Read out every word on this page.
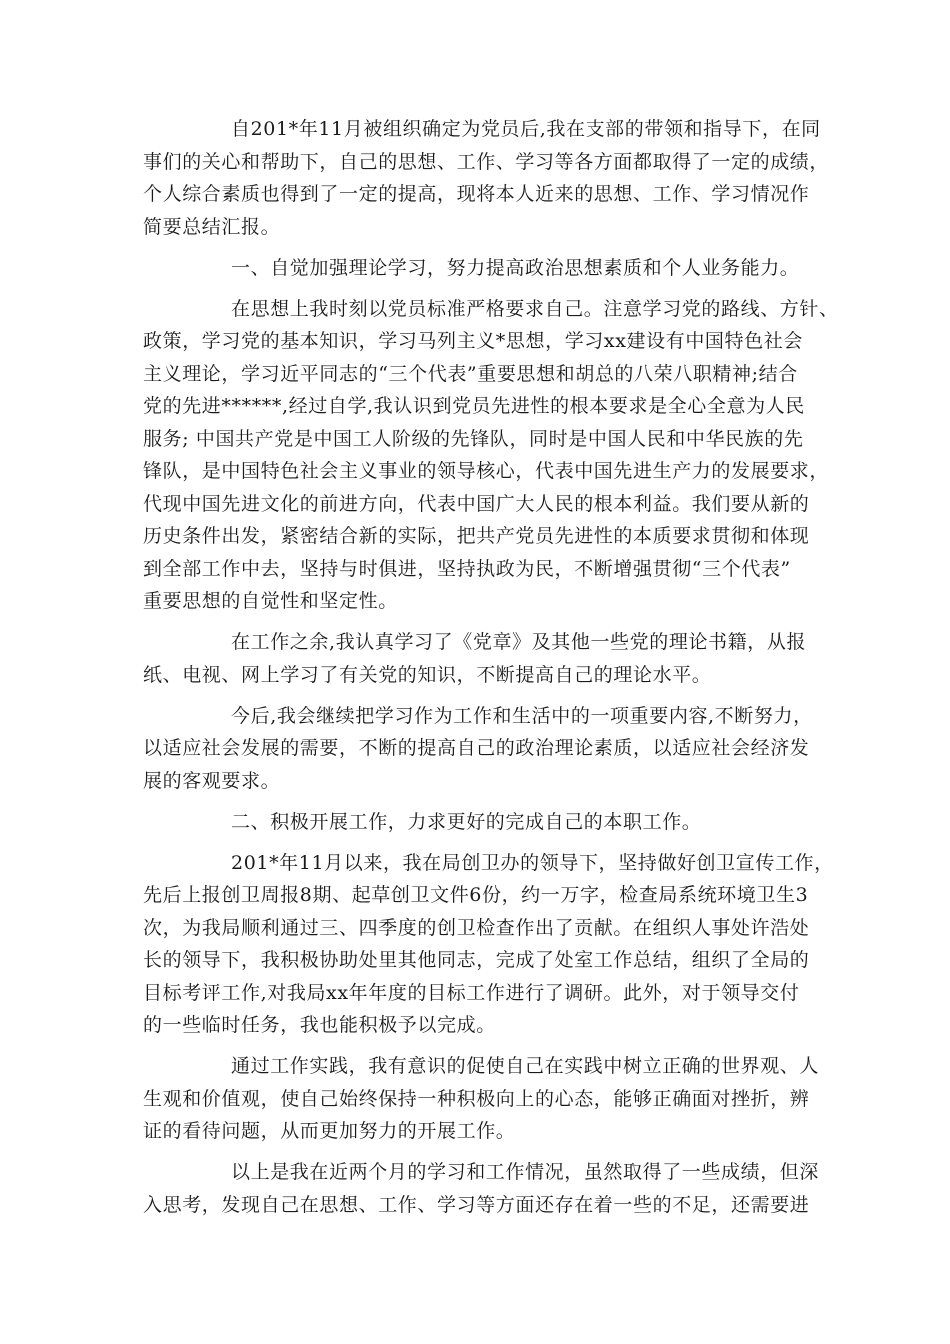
自201*年11月被组织确定为党员后,我在支部的带领和指导下，在同
事们的关心和帮助下，自己的思想、工作、学习等各方面都取得了一定的成绩，
个人综合素质也得到了一定的提高，现将本人近来的思想、工作、学习情况作
简要总结汇报。

一、自觉加强理论学习，努力提高政治思想素质和个人业务能力。

在思想上我时刻以党员标准严格要求自己。注意学习党的路线、方针、
政策，学习党的基本知识，学习马列主义*思想，学习xx建设有中国特色社会
主义理论，学习近平同志的“三个代表”重要思想和胡总的八荣八职精神;结合
党的先进******,经过自学,我认识到党员先进性的根本要求是全心全意为人民
服务; 中国共产党是中国工人阶级的先锋队，同时是中国人民和中华民族的先
锋队，是中国特色社会主义事业的领导核心，代表中国先进生产力的发展要求，
代现中国先进文化的前进方向，代表中国广大人民的根本利益。我们要从新的
历史条件出发，紧密结合新的实际，把共产党员先进性的本质要求贯彻和体现
到全部工作中去，坚持与时俱进，坚持执政为民，不断增强贯彻“三个代表”
重要思想的自觉性和坚定性。

在工作之余,我认真学习了《党章》及其他一些党的理论书籍，从报
纸、电视、网上学习了有关党的知识，不断提高自己的理论水平。

今后,我会继续把学习作为工作和生活中的一项重要内容,不断努力，
以适应社会发展的需要，不断的提高自己的政治理论素质，以适应社会经济发
展的客观要求。

二、积极开展工作，力求更好的完成自己的本职工作。

201*年11月以来，我在局创卫办的领导下，坚持做好创卫宣传工作，
先后上报创卫周报8期、起草创卫文件6份，约一万字，检查局系统环境卫生3
次，为我局顺利通过三、四季度的创卫检查作出了贡献。在组织人事处许浩处
长的领导下，我积极协助处里其他同志，完成了处室工作总结，组织了全局的
目标考评工作,对我局xx年年度的目标工作进行了调研。此外，对于领导交付
的一些临时任务，我也能积极予以完成。

通过工作实践，我有意识的促使自己在实践中树立正确的世界观、人
生观和价值观，使自己始终保持一种积极向上的心态，能够正确面对挫折，辨
证的看待问题，从而更加努力的开展工作。

以上是我在近两个月的学习和工作情况，虽然取得了一些成绩，但深
入思考，发现自己在思想、工作、学习等方面还存在着一些的不足，还需要进
